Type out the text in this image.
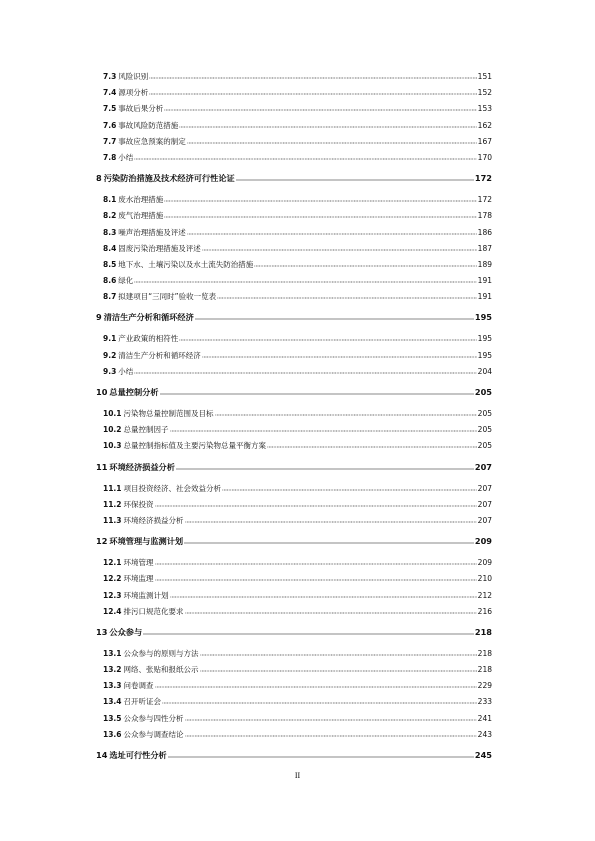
7.3 风险识别	151
7.4 源项分析	152
7.5 事故后果分析	153
7.6 事故风险防范措施	162
7.7 事故应急预案的制定	167
7.8 小结	170
8 污染防治措施及技术经济可行性论证	172
8.1 废水治理措施	172
8.2 废气治理措施	178
8.3 噪声治理措施及评述	186
8.4 固废污染治理措施及评述	187
8.5 地下水、土壤污染以及水土流失防治措施	189
8.6 绿化	191
8.7 拟建项目“三同时”验收一览表	191
9 清洁生产分析和循环经济	195
9.1 产业政策的相符性	195
9.2 清洁生产分析和循环经济	195
9.3 小结	204
10 总量控制分析	205
10.1 污染物总量控制范围及目标	205
10.2 总量控制因子	205
10.3 总量控制指标值及主要污染物总量平衡方案	205
11 环境经济损益分析	207
11.1 项目投资经济、社会效益分析	207
11.2 环保投资	207
11.3 环境经济损益分析	207
12 环境管理与监测计划	209
12.1 环境管理	209
12.2 环境监理	210
12.3 环境监测计划	212
12.4 排污口规范化要求	216
13 公众参与	218
13.1 公众参与的原则与方法	218
13.2 网络、张贴和报纸公示	218
13.3 问卷调查	229
13.4 召开听证会	233
13.5 公众参与四性分析	241
13.6 公众参与调查结论	243
14 选址可行性分析	245
II
